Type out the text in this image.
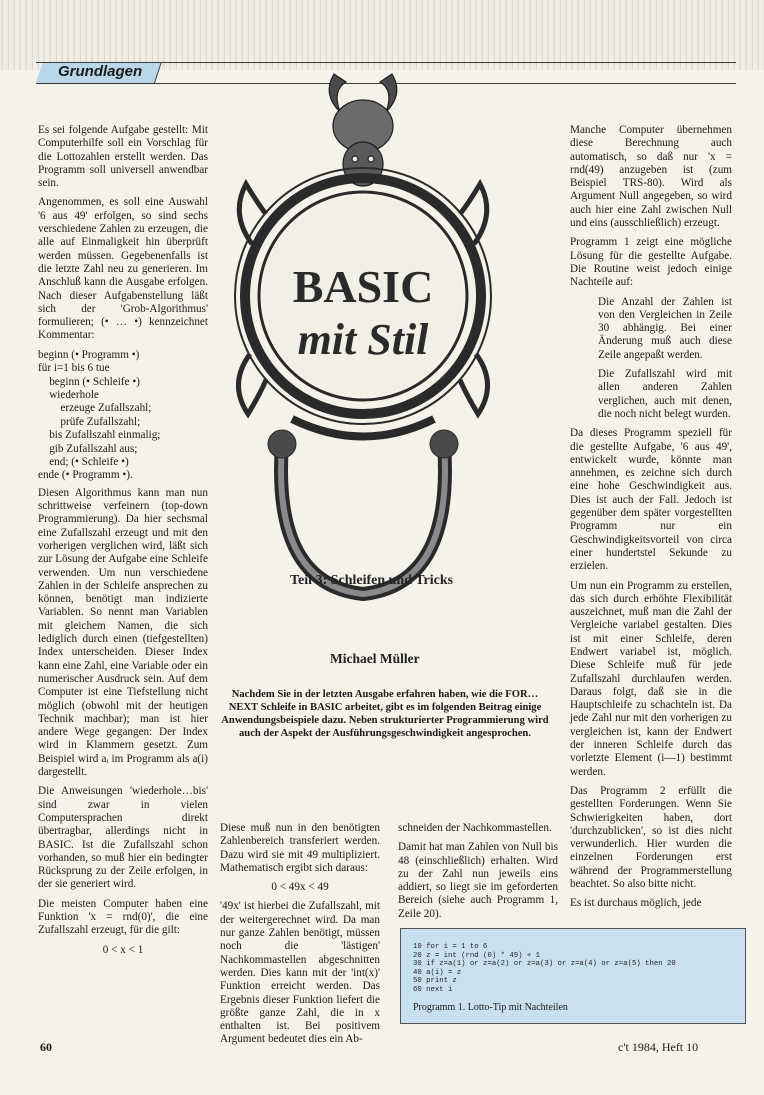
Grundlagen
BASIC
mit Stil
Teil 3: Schleifen und Tricks
Michael Müller
Nachdem Sie in der letzten Ausgabe erfahren haben, wie die FOR…NEXT Schleife in BASIC arbeitet, gibt es im folgenden Beitrag einige Anwendungsbeispiele dazu. Neben strukturierter Programmierung wird auch der Aspekt der Ausführungsgeschwindigkeit angesprochen.

Es sei folgende Aufgabe gestellt: Mit Computerhilfe soll ein Vorschlag für die Lottozahlen erstellt werden. Das Programm soll universell anwendbar sein.

Angenommen, es soll eine Auswahl '6 aus 49' erfolgen, so sind sechs verschiedene Zahlen zu erzeugen, die alle auf Einmaligkeit hin überprüft werden müssen. Gegebenenfalls ist die letzte Zahl neu zu generieren. Im Anschluß kann die Ausgabe erfolgen. Nach dieser Aufgabenstellung läßt sich der 'Grob-Algorithmus' formulieren; (• … •) kennzeichnet Kommentar:

beginn (• Programm •)
für i=1 bis 6 tue
beginn (• Schleife •)
wiederhole
erzeuge Zufallszahl;
prüfe Zufallszahl;
bis Zufallszahl einmalig;
gib Zufallszahl aus;
end; (• Schleife •)
ende (• Programm •).

Diesen Algorithmus kann man nun schrittweise verfeinern (top-down Programmierung). Da hier sechsmal eine Zufallszahl erzeugt und mit den vorherigen verglichen wird, läßt sich zur Lösung der Aufgabe eine Schleife verwenden. Um nun verschiedene Zahlen in der Schleife ansprechen zu können, benötigt man indizierte Variablen. So nennt man Variablen mit gleichem Namen, die sich lediglich durch einen (tiefgestellten) Index unterscheiden. Dieser Index kann eine Zahl, eine Variable oder ein numerischer Ausdruck sein. Auf dem Computer ist eine Tiefstellung nicht möglich (obwohl mit der heutigen Technik machbar); man ist hier andere Wege gegangen: Der Index wird in Klammern gesetzt. Zum Beispiel wird aᵢ im Programm als a(i) dargestellt.

Die Anweisungen 'wiederhole…bis' sind zwar in vielen Computersprachen direkt übertragbar, allerdings nicht in BASIC. Ist die Zufallszahl schon vorhanden, so muß hier ein bedingter Rücksprung zu der Zeile erfolgen, in der sie generiert wird.

Die meisten Computer haben eine Funktion 'x = rnd(0)', die eine Zufallszahl erzeugt, für die gilt:

0 < x < 1

Diese muß nun in den benötigten Zahlenbereich transferiert werden. Dazu wird sie mit 49 multipliziert. Mathematisch ergibt sich daraus:

0 < 49x < 49

'49x' ist hierbei die Zufallszahl, mit der weitergerechnet wird. Da man nur ganze Zahlen benötigt, müssen noch die 'lästigen' Nachkommastellen abgeschnitten werden. Dies kann mit der 'int(x)' Funktion erreicht werden. Das Ergebnis dieser Funktion liefert die größte ganze Zahl, die in x enthalten ist. Bei positivem Argument bedeutet dies ein Ab-

schneiden der Nachkommastellen.

Damit hat man Zahlen von Null bis 48 (einschließlich) erhalten. Wird zu der Zahl nun jeweils eins addiert, so liegt sie im geforderten Bereich (siehe auch Programm 1, Zeile 20).

Manche Computer übernehmen diese Berechnung auch automatisch, so daß nur 'x = rnd(49) anzugeben ist (zum Beispiel TRS-80). Wird als Argument Null angegeben, so wird auch hier eine Zahl zwischen Null und eins (ausschließlich) erzeugt.

Programm 1 zeigt eine mögliche Lösung für die gestellte Aufgabe. Die Routine weist jedoch einige Nachteile auf:

Die Anzahl der Zahlen ist von den Vergleichen in Zeile 30 abhängig. Bei einer Änderung muß auch diese Zeile angepaßt werden.

Die Zufallszahl wird mit allen anderen Zahlen verglichen, auch mit denen, die noch nicht belegt wurden.

Da dieses Programm speziell für die gestellte Aufgabe, '6 aus 49', entwickelt wurde, könnte man annehmen, es zeichne sich durch eine hohe Geschwindigkeit aus. Dies ist auch der Fall. Jedoch ist gegenüber dem später vorgestellten Programm nur ein Geschwindigkeitsvorteil von circa einer hundertstel Sekunde zu erzielen.

Um nun ein Programm zu erstellen, das sich durch erhöhte Flexibilität auszeichnet, muß man die Zahl der Vergleiche variabel gestalten. Dies ist mit einer Schleife, deren Endwert variabel ist, möglich. Diese Schleife muß für jede Zufallszahl durchlaufen werden. Daraus folgt, daß sie in die Hauptschleife zu schachteln ist. Da jede Zahl nur mit den vorherigen zu vergleichen ist, kann der Endwert der inneren Schleife durch das vorletzte Element (i—1) bestimmt werden.

Das Programm 2 erfüllt die gestellten Forderungen. Wenn Sie Schwierigkeiten haben, dort 'durchzublicken', so ist dies nicht verwunderlich. Hier wurden die einzelnen Forderungen erst während der Programmerstellung beachtet. So also bitte nicht.

Es ist durchaus möglich, jede

10 for i = 1 to 6
20 z = int (rnd (0) * 49) + 1
30 if z=a(1) or z=a(2) or z=a(3) or z=a(4) or z=a(5) then 20
40 a(i) = z
50 print z
60 next i
Programm 1. Lotto-Tip mit Nachteilen
60	c't 1984, Heft 10
